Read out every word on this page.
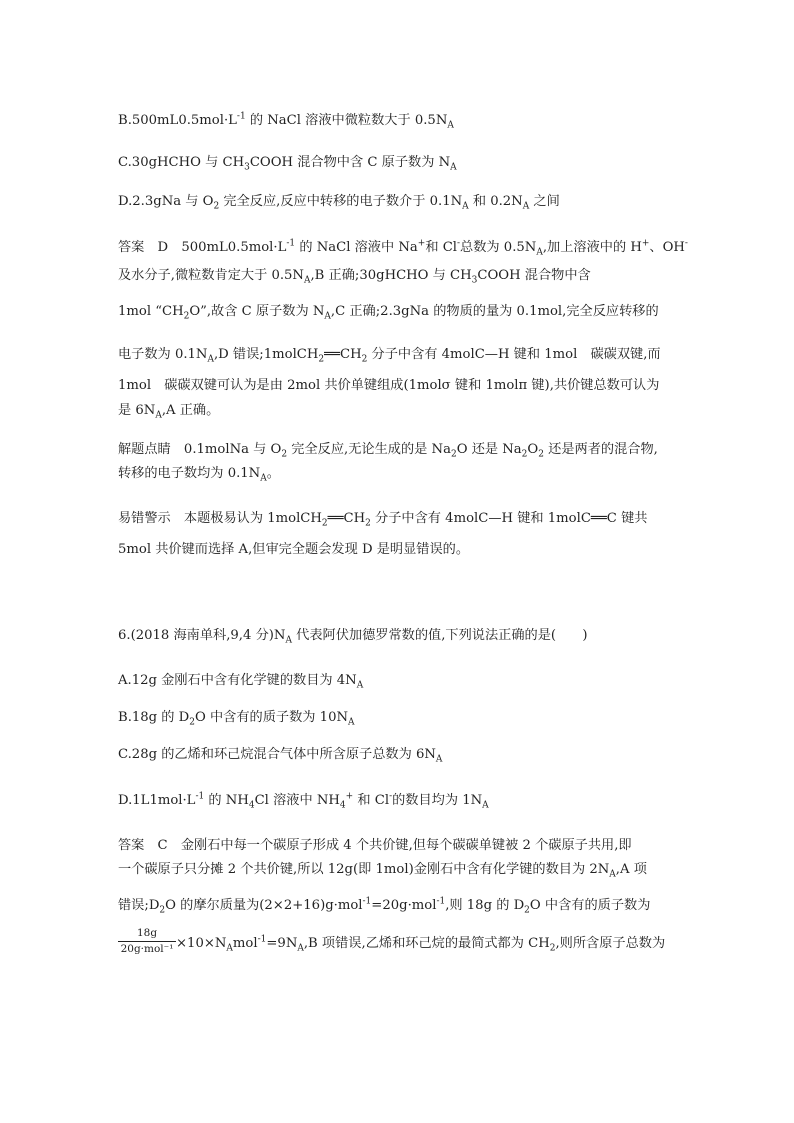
$B.500mL0.5mol\cdot L^{-1}$ 的 NaCl 溶液中微粒数大于 $0.5N_A$
C.30gHCHO 与 $CH_3COOH$ 混合物中含 C 原子数为 $N_A$
D.2.3gNa 与 $O_2$ 完全反应,反应中转移的电子数介于 $0.1N_A$ 和 $0.2N_A$ 之间
答案　D　$500mL0.5mol\cdot L^{-1}$ 的 NaCl 溶液中 Na+和 Cl-总数为 $0.5N_A$,加上溶液中的 H+、OH-
及水分子,微粒数肯定大于 $0.5N_A,B$ 正确;30gHCHO 与 $CH_3COOH$ 混合物中含
1mol “$CH_2O$”,故含 C 原子数为 $N_A,C$ 正确;2.3gNa 的物质的量为 0.1mol,完全反应转移的
电子数为 $0.1N_A,D$ 错误$;1molCH_2══CH_2$ 分子中含有 4molC—H 键和 1mol　碳碳双键,而
1mol　碳碳双键可认为是由 2mol 共价单键组成(1molσ 键和 1molπ 键),共价键总数可认为
是 $6N_A,A$ 正确。
解题点睛　0.1molNa 与 $O_2$ 完全反应,无论生成的是 $Na_2O$ 还是 $Na_2O_2$ 还是两者的混合物,
转移的电子数均为 $0.1N_A$。
易错警示　本题极易认为 $1molCH_2══CH_2$ 分子中含有 4molC—H 键和 1molC══C 键共
5mol 共价键而选择 A,但审完全题会发现 D 是明显错误的。
6.(2018 海南单科,9,4 分)$N_A$ 代表阿伏加德罗常数的值,下列说法正确的是(　　)
A.12g 金刚石中含有化学键的数目为 $4N_A$
B.18g 的 $D_2O$ 中含有的质子数为 $10N_A$
C.28g 的乙烯和环己烷混合气体中所含原子总数为 $6N_A$
$D.1L1mol\cdot L^{-1}$ 的 $NH_4Cl$ 溶液中 $NH_4^+$ 和 Cl-的数目均为 $1N_A$
答案　C　金刚石中每一个碳原子形成 4 个共价键,但每个碳碳单键被 2 个碳原子共用,即
一个碳原子只分摊 2 个共价键,所以 12g(即 1mol)金刚石中含有化学键的数目为 $2N_A,A$ 项
错误$;D_2O$ 的摩尔质量为(2×2+16)g·mol$^{-1}$=20g·mol$^{-1}$,则 18g 的 $D_2O$ 中含有的质子数为
18g
$20g\cdot mol^{-1} \times 10\times N_Amol^{-1}=9N_A,B$ 项错误,乙烯和环己烷的最简式都为 $CH_2$,则所含原子总数为
